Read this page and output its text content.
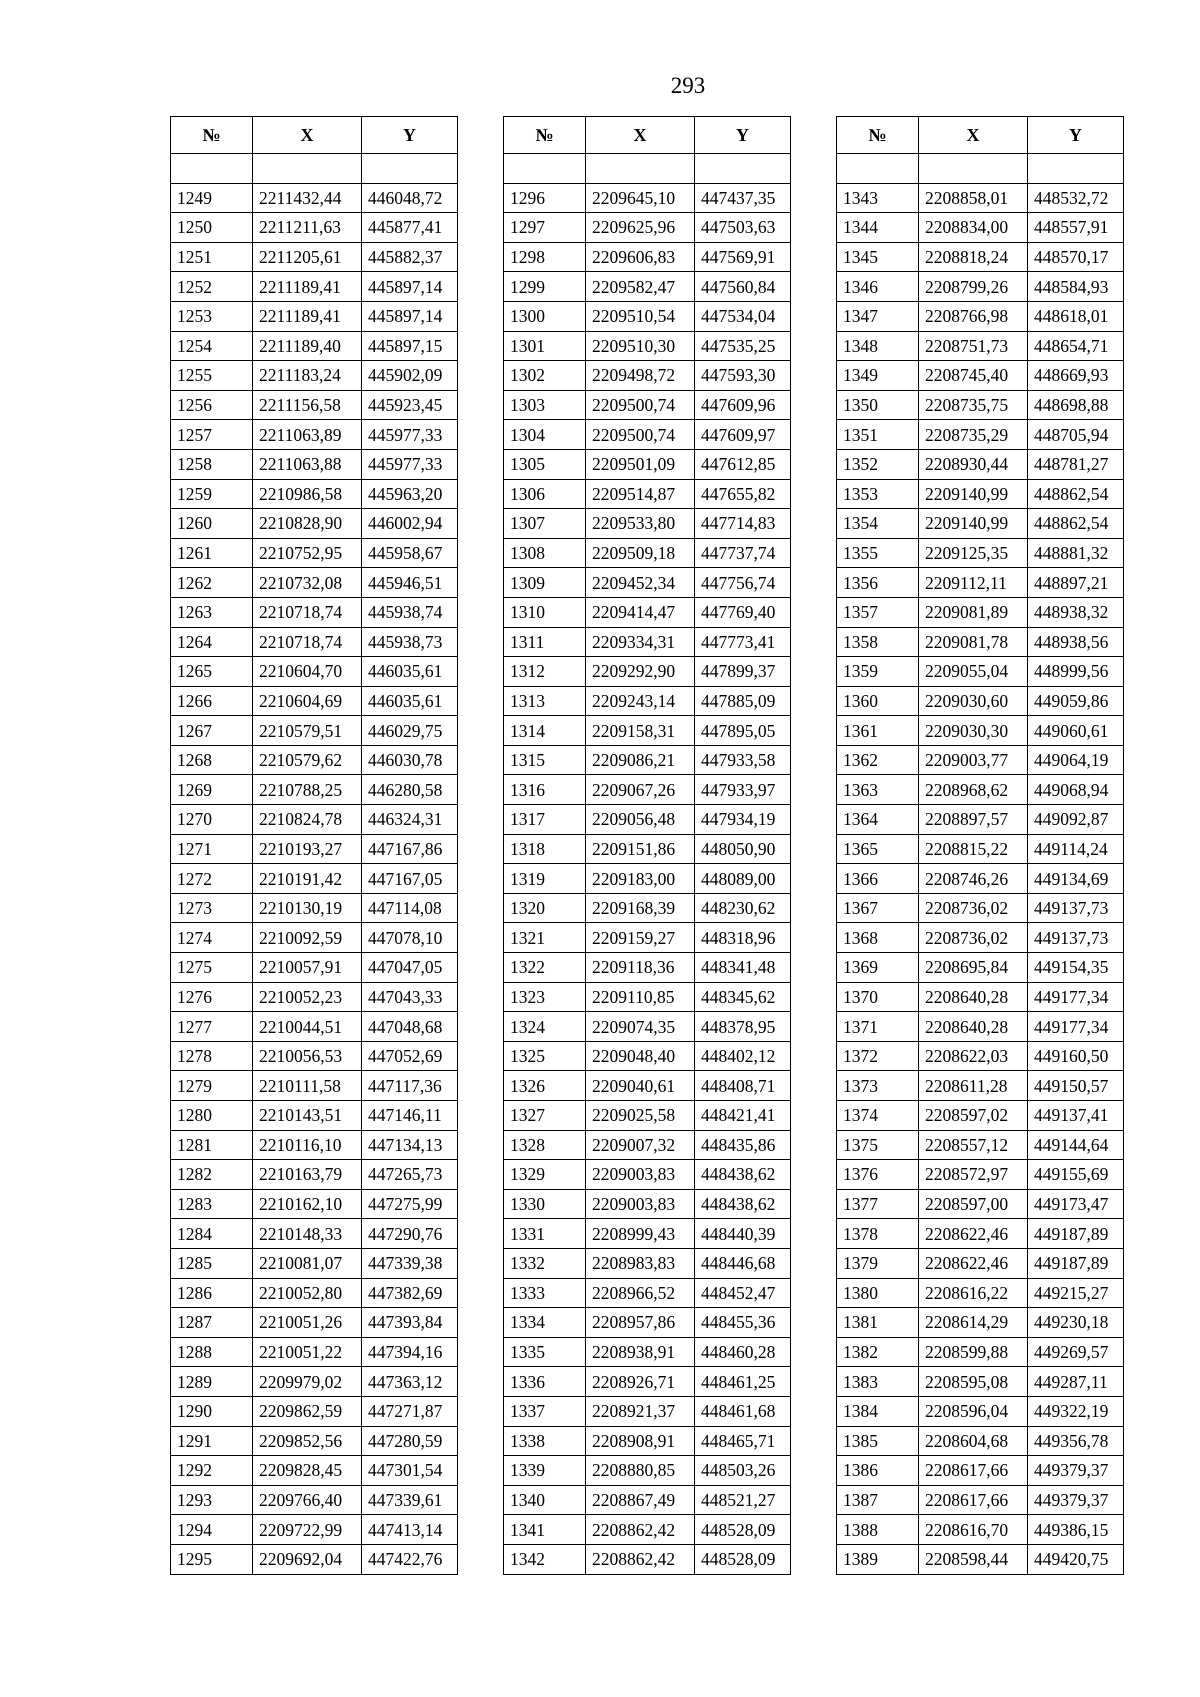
293
№	X	Y

1249	2211432,44	446048,72
1250	2211211,63	445877,41
1251	2211205,61	445882,37
1252	2211189,41	445897,14
1253	2211189,41	445897,14
1254	2211189,40	445897,15
1255	2211183,24	445902,09
1256	2211156,58	445923,45
1257	2211063,89	445977,33
1258	2211063,88	445977,33
1259	2210986,58	445963,20
1260	2210828,90	446002,94
1261	2210752,95	445958,67
1262	2210732,08	445946,51
1263	2210718,74	445938,74
1264	2210718,74	445938,73
1265	2210604,70	446035,61
1266	2210604,69	446035,61
1267	2210579,51	446029,75
1268	2210579,62	446030,78
1269	2210788,25	446280,58
1270	2210824,78	446324,31
1271	2210193,27	447167,86
1272	2210191,42	447167,05
1273	2210130,19	447114,08
1274	2210092,59	447078,10
1275	2210057,91	447047,05
1276	2210052,23	447043,33
1277	2210044,51	447048,68
1278	2210056,53	447052,69
1279	2210111,58	447117,36
1280	2210143,51	447146,11
1281	2210116,10	447134,13
1282	2210163,79	447265,73
1283	2210162,10	447275,99
1284	2210148,33	447290,76
1285	2210081,07	447339,38
1286	2210052,80	447382,69
1287	2210051,26	447393,84
1288	2210051,22	447394,16
1289	2209979,02	447363,12
1290	2209862,59	447271,87
1291	2209852,56	447280,59
1292	2209828,45	447301,54
1293	2209766,40	447339,61
1294	2209722,99	447413,14
1295	2209692,04	447422,76
№	X	Y

1296	2209645,10	447437,35
1297	2209625,96	447503,63
1298	2209606,83	447569,91
1299	2209582,47	447560,84
1300	2209510,54	447534,04
1301	2209510,30	447535,25
1302	2209498,72	447593,30
1303	2209500,74	447609,96
1304	2209500,74	447609,97
1305	2209501,09	447612,85
1306	2209514,87	447655,82
1307	2209533,80	447714,83
1308	2209509,18	447737,74
1309	2209452,34	447756,74
1310	2209414,47	447769,40
1311	2209334,31	447773,41
1312	2209292,90	447899,37
1313	2209243,14	447885,09
1314	2209158,31	447895,05
1315	2209086,21	447933,58
1316	2209067,26	447933,97
1317	2209056,48	447934,19
1318	2209151,86	448050,90
1319	2209183,00	448089,00
1320	2209168,39	448230,62
1321	2209159,27	448318,96
1322	2209118,36	448341,48
1323	2209110,85	448345,62
1324	2209074,35	448378,95
1325	2209048,40	448402,12
1326	2209040,61	448408,71
1327	2209025,58	448421,41
1328	2209007,32	448435,86
1329	2209003,83	448438,62
1330	2209003,83	448438,62
1331	2208999,43	448440,39
1332	2208983,83	448446,68
1333	2208966,52	448452,47
1334	2208957,86	448455,36
1335	2208938,91	448460,28
1336	2208926,71	448461,25
1337	2208921,37	448461,68
1338	2208908,91	448465,71
1339	2208880,85	448503,26
1340	2208867,49	448521,27
1341	2208862,42	448528,09
1342	2208862,42	448528,09
№	X	Y

1343	2208858,01	448532,72
1344	2208834,00	448557,91
1345	2208818,24	448570,17
1346	2208799,26	448584,93
1347	2208766,98	448618,01
1348	2208751,73	448654,71
1349	2208745,40	448669,93
1350	2208735,75	448698,88
1351	2208735,29	448705,94
1352	2208930,44	448781,27
1353	2209140,99	448862,54
1354	2209140,99	448862,54
1355	2209125,35	448881,32
1356	2209112,11	448897,21
1357	2209081,89	448938,32
1358	2209081,78	448938,56
1359	2209055,04	448999,56
1360	2209030,60	449059,86
1361	2209030,30	449060,61
1362	2209003,77	449064,19
1363	2208968,62	449068,94
1364	2208897,57	449092,87
1365	2208815,22	449114,24
1366	2208746,26	449134,69
1367	2208736,02	449137,73
1368	2208736,02	449137,73
1369	2208695,84	449154,35
1370	2208640,28	449177,34
1371	2208640,28	449177,34
1372	2208622,03	449160,50
1373	2208611,28	449150,57
1374	2208597,02	449137,41
1375	2208557,12	449144,64
1376	2208572,97	449155,69
1377	2208597,00	449173,47
1378	2208622,46	449187,89
1379	2208622,46	449187,89
1380	2208616,22	449215,27
1381	2208614,29	449230,18
1382	2208599,88	449269,57
1383	2208595,08	449287,11
1384	2208596,04	449322,19
1385	2208604,68	449356,78
1386	2208617,66	449379,37
1387	2208617,66	449379,37
1388	2208616,70	449386,15
1389	2208598,44	449420,75
